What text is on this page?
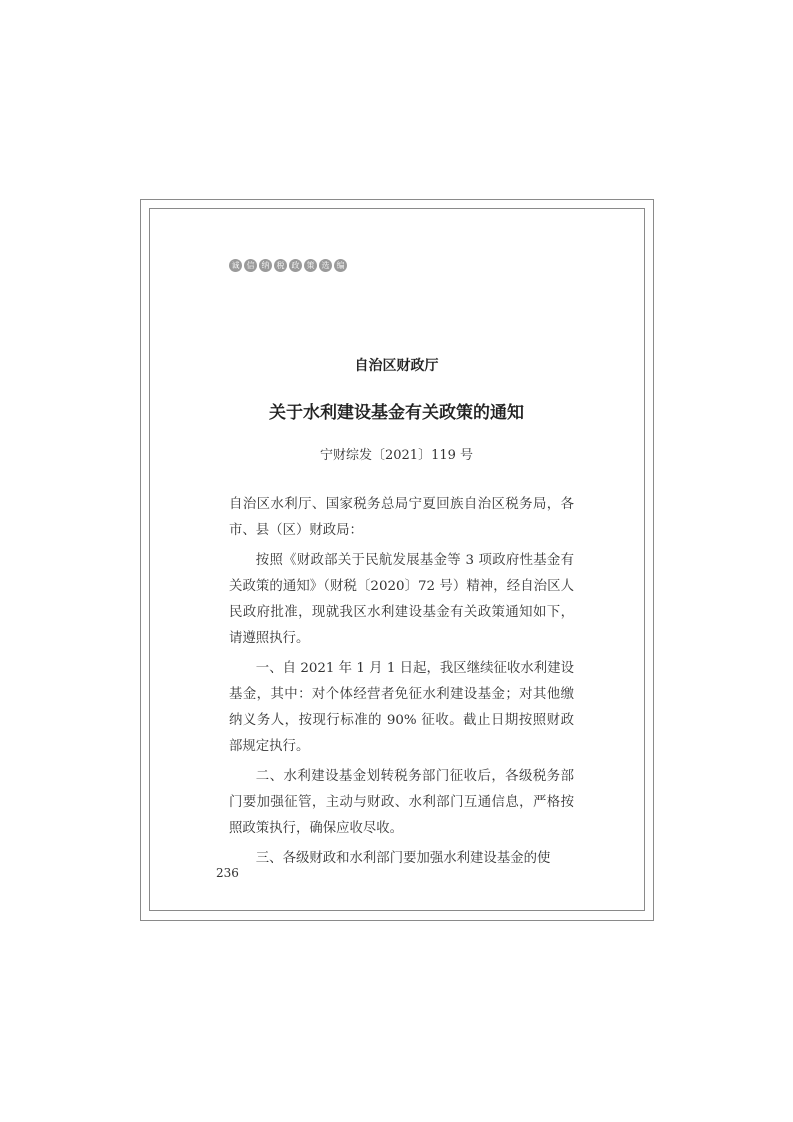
诚 信 纳 税 政 策 选 编
自治区财政厅
关于水利建设基金有关政策的通知
宁财综发〔2021〕119 号

自治区水利厅、国家税务总局宁夏回族自治区税务局，各市、县（区）财政局：

按照《财政部关于民航发展基金等 3 项政府性基金有关政策的通知》（财税〔2020〕72 号）精神，经自治区人民政府批准，现就我区水利建设基金有关政策通知如下，请遵照执行。

一、自 2021 年 1 月 1 日起，我区继续征收水利建设基金，其中：对个体经营者免征水利建设基金；对其他缴纳义务人，按现行标准的 90% 征收。截止日期按照财政部规定执行。

二、水利建设基金划转税务部门征收后，各级税务部门要加强征管，主动与财政、水利部门互通信息，严格按照政策执行，确保应收尽收。

三、各级财政和水利部门要加强水利建设基金的使

236
